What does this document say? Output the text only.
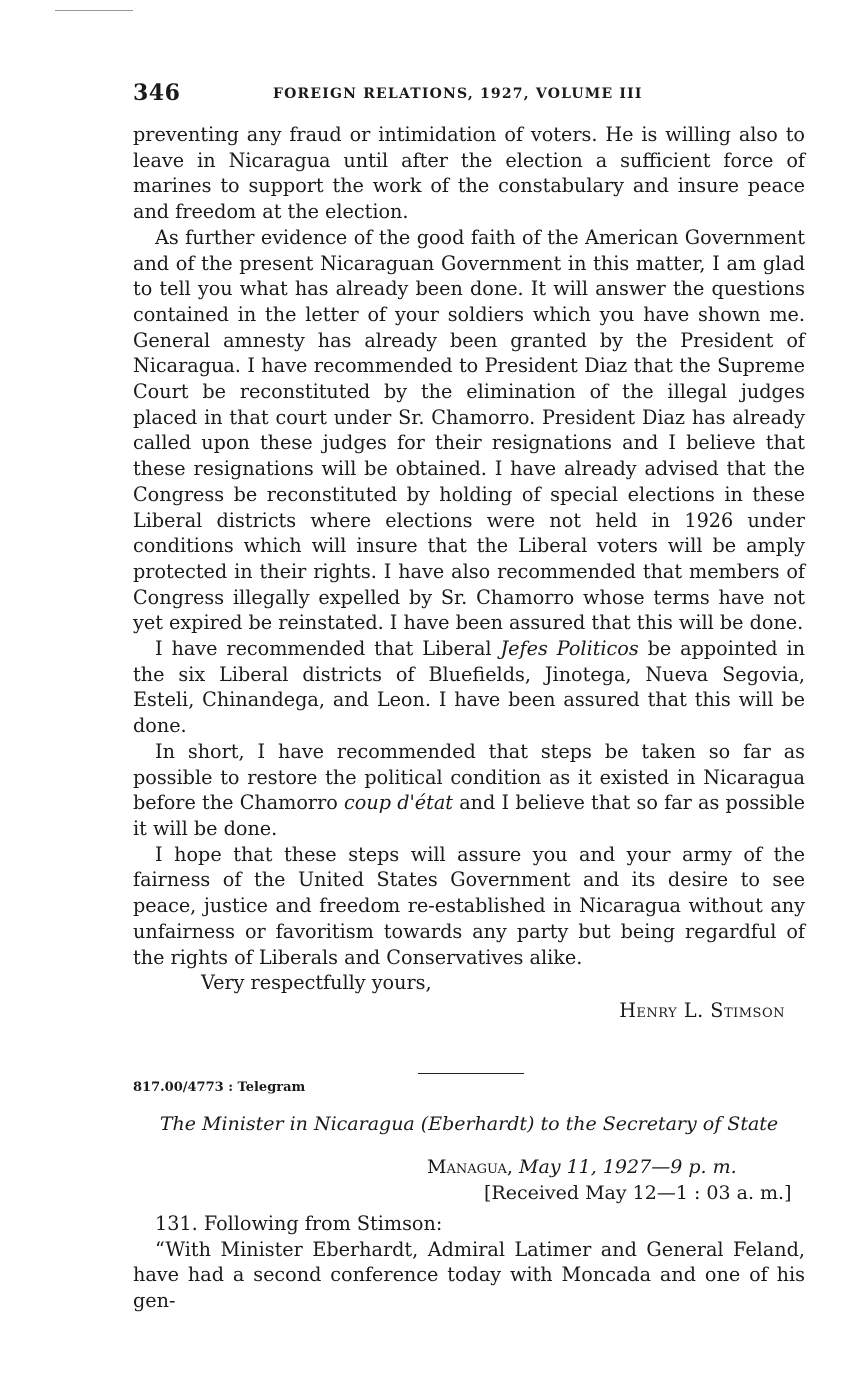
346	FOREIGN RELATIONS, 1927, VOLUME III

preventing any fraud or intimidation of voters. He is willing also to leave in Nicaragua until after the election a sufficient force of marines to support the work of the constabulary and insure peace and freedom at the election.

As further evidence of the good faith of the American Government and of the present Nicaraguan Government in this matter, I am glad to tell you what has already been done. It will answer the questions contained in the letter of your soldiers which you have shown me. General amnesty has already been granted by the President of Nicaragua. I have recommended to President Diaz that the Supreme Court be reconstituted by the elimination of the illegal judges placed in that court under Sr. Chamorro. President Diaz has already called upon these judges for their resignations and I believe that these resignations will be obtained. I have already advised that the Congress be reconstituted by holding of special elections in these Liberal districts where elections were not held in 1926 under conditions which will insure that the Liberal voters will be amply protected in their rights. I have also recommended that members of Congress illegally expelled by Sr. Chamorro whose terms have not yet expired be reinstated. I have been assured that this will be done.

I have recommended that Liberal Jefes Politicos be appointed in the six Liberal districts of Bluefields, Jinotega, Nueva Segovia, Esteli, Chinandega, and Leon. I have been assured that this will be done.

In short, I have recommended that steps be taken so far as possible to restore the political condition as it existed in Nicaragua before the Chamorro coup d'état and I believe that so far as possible it will be done.

I hope that these steps will assure you and your army of the fairness of the United States Government and its desire to see peace, justice and freedom re-established in Nicaragua without any unfairness or favoritism towards any party but being regardful of the rights of Liberals and Conservatives alike.

Very respectfully yours,
Henry L. Stimson
817.00/4773 : Telegram
The Minister in Nicaragua (Eberhardt) to the Secretary of State
Managua, May 11, 1927—9 p. m.
[Received May 12—1 : 03 a. m.]

131. Following from Stimson:

“With Minister Eberhardt, Admiral Latimer and General Feland, have had a second conference today with Moncada and one of his gen-
